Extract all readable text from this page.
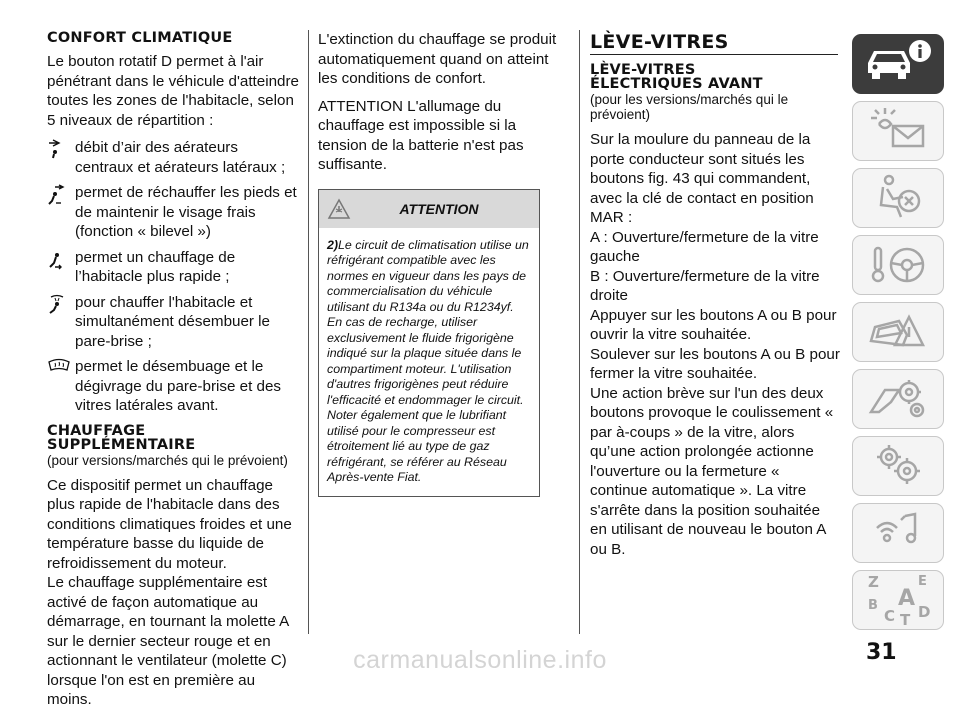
CONFORT CLIMATIQUE

Le bouton rotatif D permet à l'air pénétrant dans le véhicule d'atteindre toutes les zones de l'habitacle, selon 5 niveaux de répartition :

débit d’air des aérateurs centraux et aérateurs latéraux ;
permet de réchauffer les pieds et de maintenir le visage frais (fonction « bilevel »)
permet un chauffage de l’habitacle plus rapide ;
pour chauffer l'habitacle et simultanément désembuer le pare-brise ;
permet le désembuage et le dégivrage du pare-brise et des vitres latérales avant.
CHAUFFAGE
SUPPLÉMENTAIRE
(pour versions/marchés qui le prévoient)

Ce dispositif permet un chauffage plus rapide de l'habitacle dans des conditions climatiques froides et une température basse du liquide de refroidissement du moteur.

Le chauffage supplémentaire est activé de façon automatique au démarrage, en tournant la molette A sur le dernier secteur rouge et en actionnant le ventilateur (molette C) lorsque l'on est en première au moins.

L'extinction du chauffage se produit automatiquement quand on atteint les conditions de confort.

ATTENTION L'allumage du chauffage est impossible si la tension de la batterie n'est pas suffisante.

ATTENTION
2)Le circuit de climatisation utilise un réfrigérant compatible avec les normes en vigueur dans les pays de commercialisation du véhicule utilisant du R134a ou du R1234yf. En cas de recharge, utiliser exclusivement le fluide frigorigène indiqué sur la plaque située dans le compartiment moteur. L'utilisation d'autres frigorigènes peut réduire l'efficacité et endommager le circuit. Noter également que le lubrifiant utilisé pour le compresseur est étroitement lié au type de gaz réfrigérant, se référer au Réseau Après-vente Fiat.
LÈVE-VITRES
LÈVE-VITRES
ÉLECTRIQUES AVANT
(pour les versions/marchés qui le prévoient)

Sur la moulure du panneau de la porte conducteur sont situés les boutons fig. 43 qui commandent, avec la clé de contact en position MAR :

A : Ouverture/fermeture de la vitre gauche

B : Ouverture/fermeture de la vitre droite

Appuyer sur les boutons A ou B pour ouvrir la vitre souhaitée.

Soulever sur les boutons A ou B pour fermer la vitre souhaitée.

Une action brève sur l'un des deux boutons provoque le coulissement « par à-coups » de la vitre, alors qu’une action prolongée actionne l'ouverture ou la fermeture « continue automatique ». La vitre s'arrête dans la position souhaitée en utilisant de nouveau le bouton A ou B.

Z	E
B A
C T D
31
carmanualsonline.info
